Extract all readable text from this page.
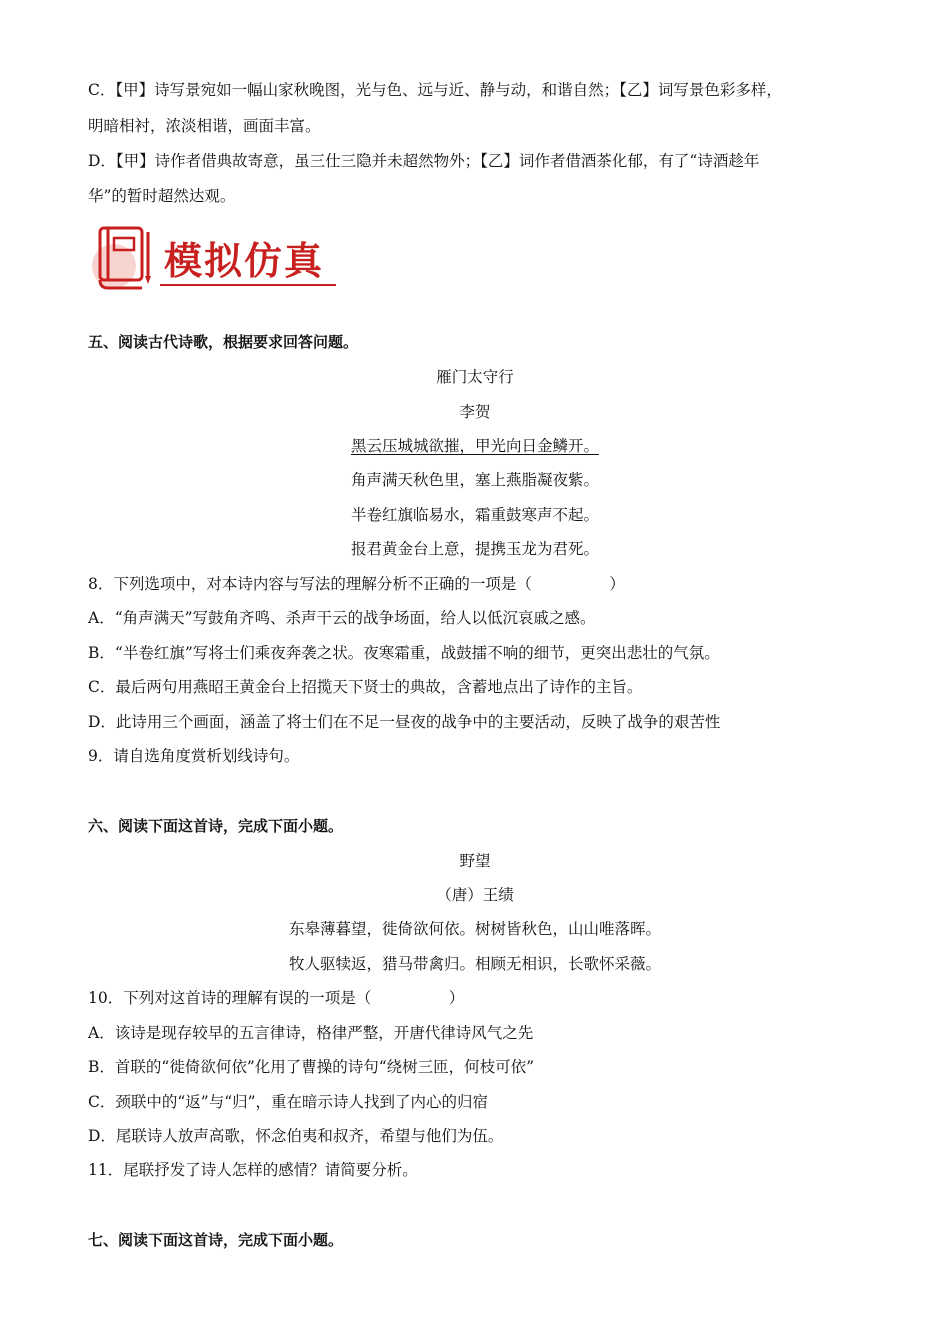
C．【甲】诗写景宛如一幅山家秋晚图，光与色、远与近、静与动，和谐自然；【乙】词写景色彩多样，
明暗相衬，浓淡相谐，画面丰富。
D．【甲】诗作者借典故寄意，虽三仕三隐并未超然物外；【乙】词作者借酒茶化郁，有了“诗酒趁年
华”的暂时超然达观。
模拟仿真
五、阅读古代诗歌，根据要求回答问题。
雁门太守行
李贺
黑云压城城欲摧，甲光向日金鳞开。
角声满天秋色里，塞上燕脂凝夜紫。
半卷红旗临易水，霜重鼓寒声不起。
报君黄金台上意，提携玉龙为君死。
8．下列选项中，对本诗内容与写法的理解分析不正确的一项是（　　　　　）
A．“角声满天”写鼓角齐鸣、杀声干云的战争场面，给人以低沉哀戚之感。
B．“半卷红旗”写将士们乘夜奔袭之状。夜寒霜重，战鼓擂不响的细节，更突出悲壮的气氛。
C．最后两句用燕昭王黄金台上招揽天下贤士的典故，含蓄地点出了诗作的主旨。
D．此诗用三个画面，涵盖了将士们在不足一昼夜的战争中的主要活动，反映了战争的艰苦性
9．请自选角度赏析划线诗句。
六、阅读下面这首诗，完成下面小题。
野望
（唐）王绩
东皋薄暮望，徙倚欲何依。树树皆秋色，山山唯落晖。
牧人驱犊返，猎马带禽归。相顾无相识，长歌怀采薇。
10．下列对这首诗的理解有误的一项是（　　　　　）
A．该诗是现存较早的五言律诗，格律严整，开唐代律诗风气之先
B．首联的“徙倚欲何依”化用了曹操的诗句“绕树三匝，何枝可依”
C．颈联中的“返”与“归”，重在暗示诗人找到了内心的归宿
D．尾联诗人放声高歌，怀念伯夷和叔齐，希望与他们为伍。
11．尾联抒发了诗人怎样的感情？请简要分析。
七、阅读下面这首诗，完成下面小题。
